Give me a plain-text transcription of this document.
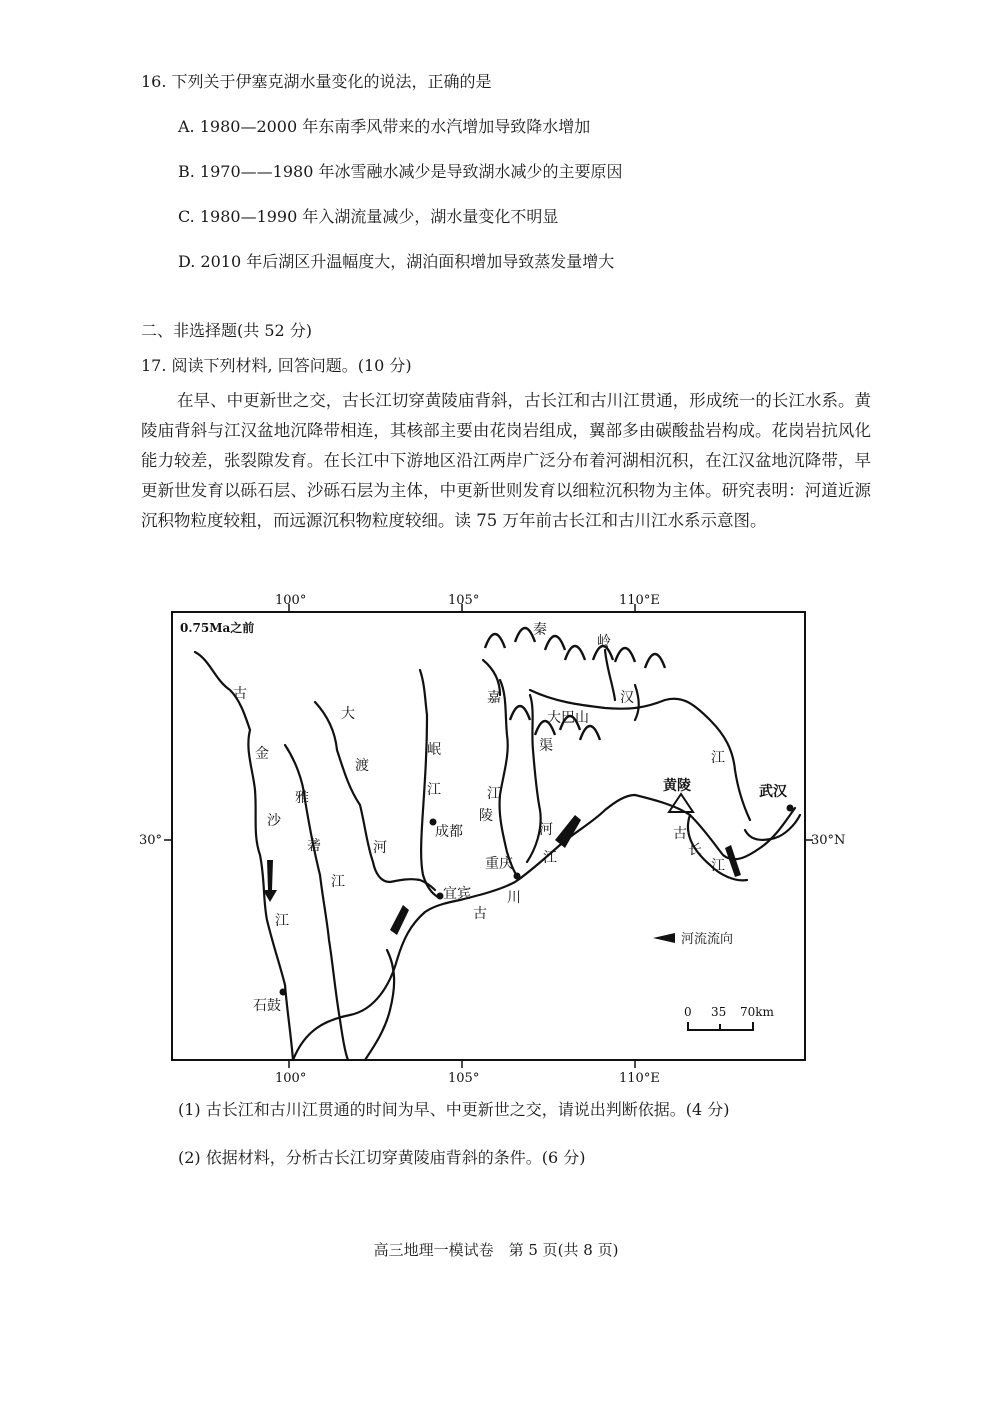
16. 下列关于伊塞克湖水量变化的说法，正确的是
A. 1980—2000 年东南季风带来的水汽增加导致降水增加
B. 1970——1980 年冰雪融水减少是导致湖水减少的主要原因
C. 1980—1990 年入湖流量减少，湖水量变化不明显
D. 2010 年后湖区升温幅度大，湖泊面积增加导致蒸发量增大
二、非选择题(共 52 分)
17. 阅读下列材料, 回答问题。(10 分)
在早、中更新世之交，古长江切穿黄陵庙背斜，古长江和古川江贯通，形成统一的长江水系。黄陵庙背斜与江汉盆地沉降带相连，其核部主要由花岗岩组成，翼部多由碳酸盐岩构成。花岗岩抗风化能力较差，张裂隙发育。在长江中下游地区沿江两岸广泛分布着河湖相沉积，在江汉盆地沉降带，早更新世发育以砾石层、沙砾石层为主体，中更新世则发育以细粒沉积物为主体。研究表明：河道近源沉积物粒度较粗，而远源沉积物粒度较细。读 75 万年前古长江和古川江水系示意图。
100°	105°	110°E
100°	105°	110°E
30°	30°N
0.75Ma之前
成都
重庆
宜宾
石鼓
黄陵	武汉
古
金
沙
江
雅
砻
江
大
渡
河
岷
江
嘉
陵
江
渠
河
大巴山
秦
岭
汉
江
古
川
江
古
长
江
河流流向
0 35 70km
(1) 古长江和古川江贯通的时间为早、中更新世之交，请说出判断依据。(4 分)
(2) 依据材料，分析古长江切穿黄陵庙背斜的条件。(6 分)
高三地理一模试卷　第 5 页(共 8 页)
